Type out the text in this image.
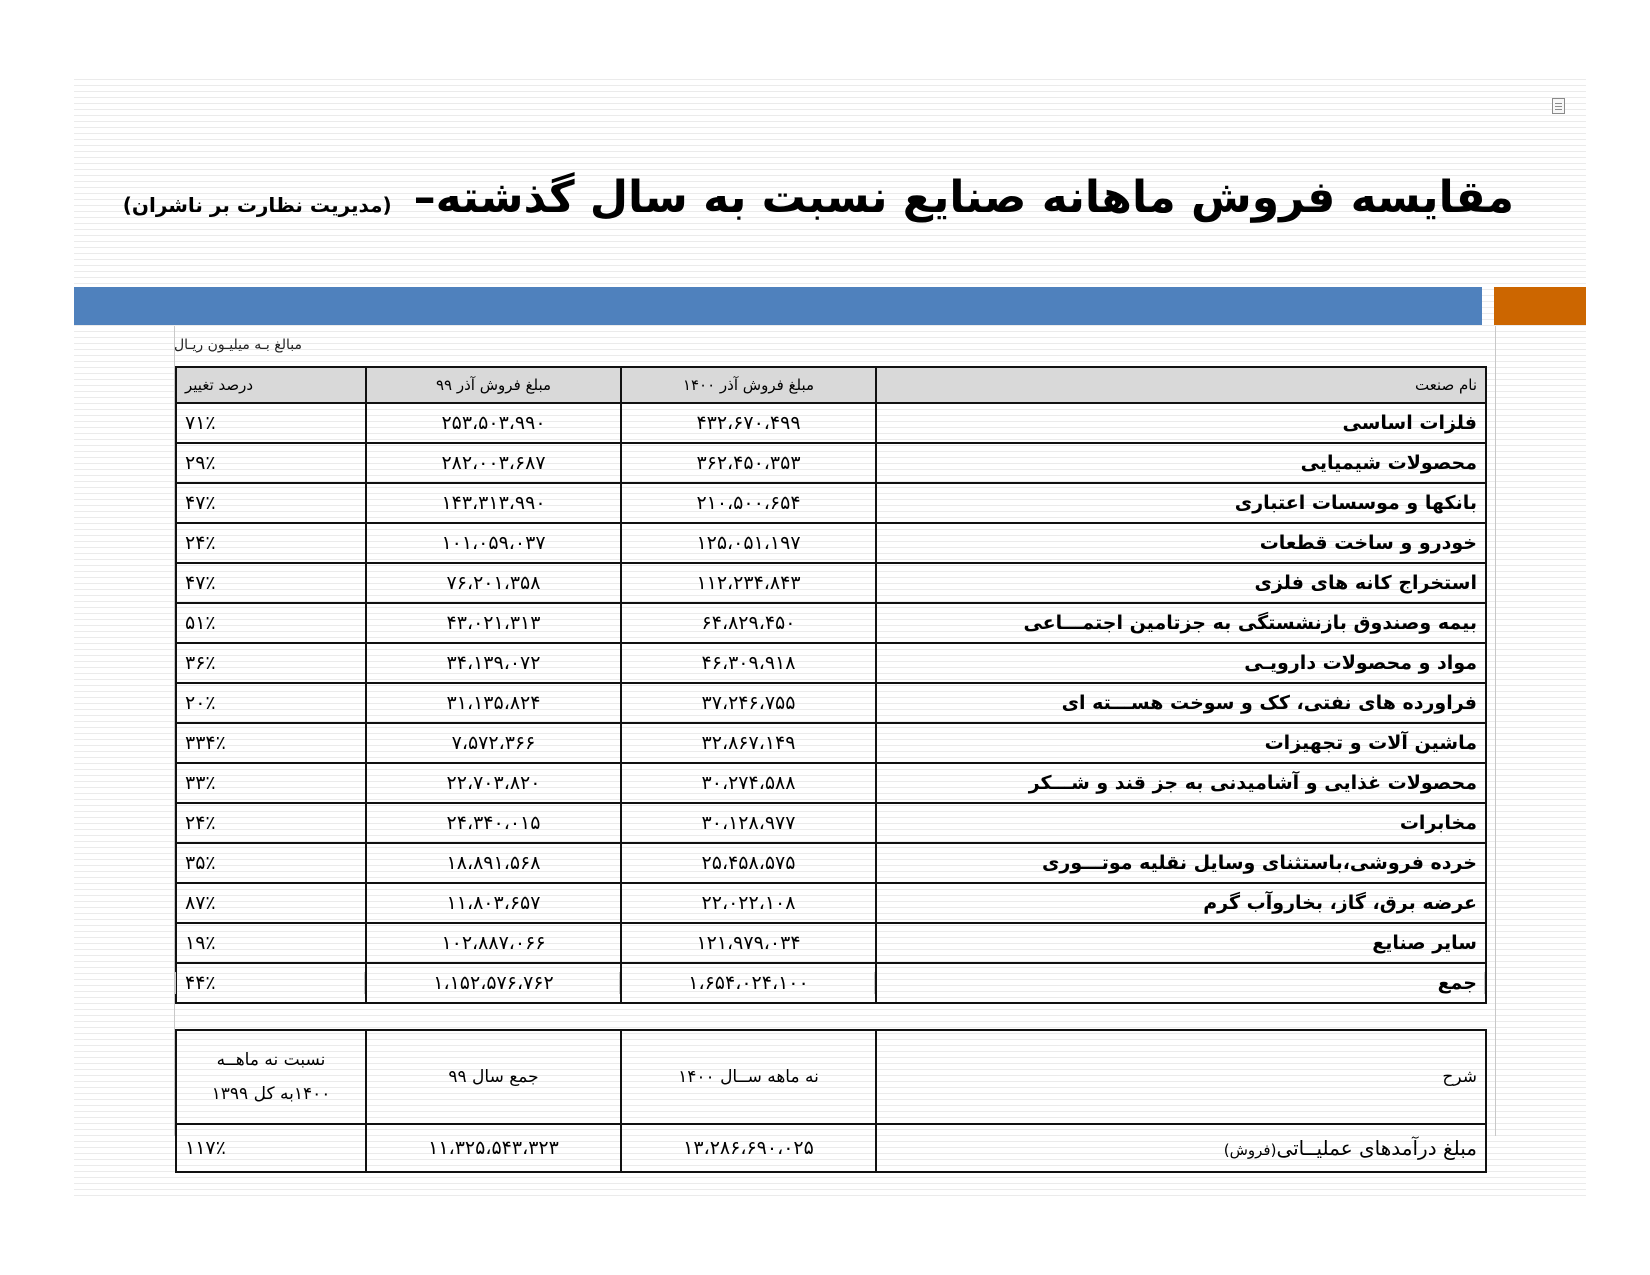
مقایسه فروش ماهانه صنایع نسبت به سال گذشته–
(مدیریت نظارت بر ناشران)
مبالغ بـه میلیـون ریـال
نام صنعت	مبلغ فروش آذر ۱۴۰۰	مبلغ فروش آذر ۹۹	درصد تغییر
فلزات اساسی	۴۳۲،۶۷۰،۴۹۹	۲۵۳،۵۰۳،۹۹۰	۷۱٪
محصولات شیمیایی	۳۶۲،۴۵۰،۳۵۳	۲۸۲،۰۰۳،۶۸۷	۲۹٪
بانکها و موسسات اعتباری	۲۱۰،۵۰۰،۶۵۴	۱۴۳،۳۱۳،۹۹۰	۴۷٪
خودرو و ساخت قطعات	۱۲۵،۰۵۱،۱۹۷	۱۰۱،۰۵۹،۰۳۷	۲۴٪
استخراج کانه های فلزی	۱۱۲،۲۳۴،۸۴۳	۷۶،۲۰۱،۳۵۸	۴۷٪
بیمه وصندوق بازنشستگی به جزتامین اجتمـــاعی	۶۴،۸۲۹،۴۵۰	۴۳،۰۲۱،۳۱۳	۵۱٪
مواد و محصولات دارویـی	۴۶،۳۰۹،۹۱۸	۳۴،۱۳۹،۰۷۲	۳۶٪
فراورده های نفتی، کک و سوخت هســـته ای	۳۷،۲۴۶،۷۵۵	۳۱،۱۳۵،۸۲۴	۲۰٪
ماشین آلات و تجهیزات	۳۲،۸۶۷،۱۴۹	۷،۵۷۲،۳۶۶	۳۳۴٪
محصولات غذایی و آشامیدنی به جز قند و شـــکر	۳۰،۲۷۴،۵۸۸	۲۲،۷۰۳،۸۲۰	۳۳٪
مخابرات	۳۰،۱۲۸،۹۷۷	۲۴،۳۴۰،۰۱۵	۲۴٪
خرده فروشی،باستثنای وسایل نقلیه موتـــوری	۲۵،۴۵۸،۵۷۵	۱۸،۸۹۱،۵۶۸	۳۵٪
عرضه برق، گاز، بخاروآب گرم	۲۲،۰۲۲،۱۰۸	۱۱،۸۰۳،۶۵۷	۸۷٪
سایر صنایع	۱۲۱،۹۷۹،۰۳۴	۱۰۲،۸۸۷،۰۶۶	۱۹٪
جمع	۱،۶۵۴،۰۲۴،۱۰۰	۱،۱۵۲،۵۷۶،۷۶۲	۴۴٪
شرح	نه ماهه ســال ۱۴۰۰	جمع سال ۹۹	نسبت نه ماهــه
۱۴۰۰به کل ۱۳۹۹

مبلغ درآمدهای عملیــاتی(فروش)	۱۳،۲۸۶،۶۹۰،۰۲۵	۱۱،۳۲۵،۵۴۳،۳۲۳	۱۱۷٪
